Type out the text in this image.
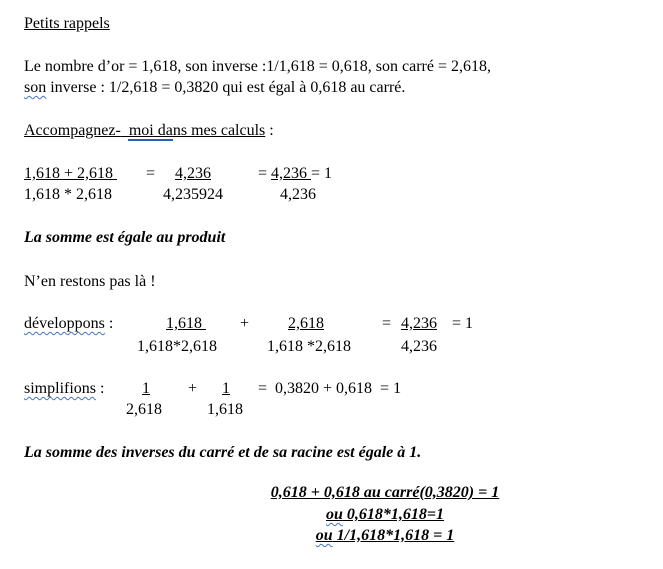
Petits rappels
Le nombre d’or = 1,618, son inverse :1/1,618 = 0,618, son carré = 2,618,
son inverse : 1/2,618 = 0,3820 qui est égal à 0,618 au carré.
Accompagnez-  moi dans mes calculs :
1,618 + 2,618
1,618 * 2,618
= 4,236
4,235924
= 4,236 = 1
4,236
La somme est égale au produit
N’en restons pas là !
développons :	1,618
1,618*2,618
+ 2,618
1,618 *2,618
= 4,236
4,236
= 1
simplifions : 1
2,618
+ 1
1,618
=  0,3820 + 0,618  = 1
La somme des inverses du carré et de sa racine est égale à 1.
0,618 + 0,618 au carré(0,3820) = 1
ou 0,618*1,618=1
ou 1/1,618*1,618 = 1
